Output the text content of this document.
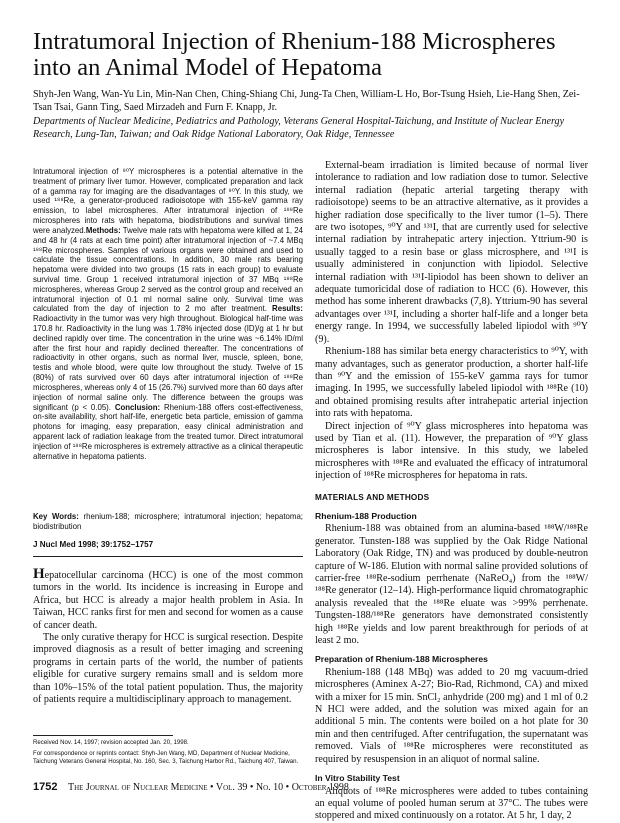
Intratumoral Injection of Rhenium-188 Microspheres into an Animal Model of Hepatoma

Shyh-Jen Wang, Wan-Yu Lin, Min-Nan Chen, Ching-Shiang Chi, Jung-Ta Chen, William-L Ho, Bor-Tsung Hsieh, Lie-Hang Shen, Zei-Tsan Tsai, Gann Ting, Saed Mirzadeh and Furn F. Knapp, Jr.

Departments of Nuclear Medicine, Pediatrics and Pathology, Veterans General Hospital-Taichung, and Institute of Nuclear Energy Research, Lung-Tan, Taiwan; and Oak Ridge National Laboratory, Oak Ridge, Tennessee

Intratumoral injection of ⁹⁰Y microspheres is a potential alternative in the treatment of primary liver tumor. However, complicated preparation and lack of a gamma ray for imaging are the disadvantages of ⁹⁰Y. In this study, we used ¹⁸⁸Re, a generator-produced radioisotope with 155-keV gamma ray emission, to label microspheres. After intratumoral injection of ¹⁸⁸Re microspheres into rats with hepatoma, biodistributions and survival times were analyzed.Methods: Twelve male rats with hepatoma were killed at 1, 24 and 48 hr (4 rats at each time point) after intratumoral injection of ~7.4 MBq ¹⁸⁸Re microspheres. Samples of various organs were obtained and used to calculate the tissue concentrations. In addition, 30 male rats bearing hepatoma were divided into two groups (15 rats in each group) to evaluate survival time. Group 1 received intratumoral injection of 37 MBq ¹⁸⁸Re microspheres, whereas Group 2 served as the control group and received an intratumoral injection of 0.1 ml normal saline only. Survival time was calculated from the day of injection to 2 mo after treatment. Results: Radioactivity in the tumor was very high throughout. Biological half-time was 170.8 hr. Radioactivity in the lung was 1.78% injected dose (ID)/g at 1 hr but declined rapidly over time. The concentration in the urine was ~6.14% ID/ml after the first hour and rapidly declined thereafter. The concentrations of radioactivity in other organs, such as normal liver, muscle, spleen, bone, testis and whole blood, were quite low throughout the study. Twelve of 15 (80%) of rats survived over 60 days after intratumoral injection of ¹⁸⁸Re microspheres, whereas only 4 of 15 (26.7%) survived more than 60 days after injection of normal saline only. The difference between the groups was significant (p < 0.05). Conclusion: Rhenium-188 offers cost-effectiveness, on-site availability, short half-life, energetic beta particle, emission of gamma photons for imaging, easy preparation, easy clinical administration and apparent lack of radiation leakage from the treated tumor. Direct intratumoral injection of ¹⁸⁸Re microspheres is extremely attractive as a clinical therapeutic alternative in hepatoma patients.

Key Words: rhenium-188; microsphere; intratumoral injection; hepatoma; biodistribution

J Nucl Med 1998; 39:1752–1757

Hepatocellular carcinoma (HCC) is one of the most common tumors in the world. Its incidence is increasing in Europe and Africa, but HCC is already a major health problem in Asia. In Taiwan, HCC ranks first for men and second for women as a cause of cancer death.

The only curative therapy for HCC is surgical resection. Despite improved diagnosis as a result of better imaging and screening programs in certain parts of the world, the number of patients eligible for curative surgery remains small and is seldom more than 10%–15% of the total patient population. Thus, the majority of patients require a multidisciplinary approach to management.

Received Nov. 14, 1997; revision accepted Jan. 20, 1998.

For correspondence or reprints contact: Shyh-Jen Wang, MD, Department of Nuclear Medicine, Taichung Veterans General Hospital, No. 160, Sec. 3, Taichung Harbor Rd., Taichung 407, Taiwan.

External-beam irradiation is limited because of normal liver intolerance to radiation and low radiation dose to tumor. Selective internal radiation (hepatic arterial targeting therapy with radioisotope) seems to be an attractive alternative, as it provides a higher radiation dose specifically to the liver tumor (1–5). There are two isotopes, ⁹⁰Y and ¹³¹I, that are currently used for selective internal radiation by intrahepatic artery injection. Yttrium-90 is usually tagged to a resin base or glass microsphere, and ¹³¹I is usually administered in conjunction with lipiodol. Selective internal radiation with ¹³¹I-lipiodol has been shown to deliver an adequate tumoricidal dose of radiation to HCC (6). However, this method has some inherent drawbacks (7,8). Yttrium-90 has several advantages over ¹³¹I, including a shorter half-life and a longer beta energy range. In 1994, we successfully labeled lipiodol with ⁹⁰Y (9).

Rhenium-188 has similar beta energy characteristics to ⁹⁰Y, with many advantages, such as generator production, a shorter half-life than ⁹⁰Y and the emission of 155-keV gamma rays for tumor imaging. In 1995, we successfully labeled lipiodol with ¹⁸⁸Re (10) and obtained promising results after intrahepatic arterial injection into rats with hepatoma.

Direct injection of ⁹⁰Y glass microspheres into hepatoma was used by Tian et al. (11). However, the preparation of ⁹⁰Y glass microspheres is labor intensive. In this study, we labeled microspheres with ¹⁸⁸Re and evaluated the efficacy of intratumoral injection of ¹⁸⁸Re microspheres for hepatoma in rats.

MATERIALS AND METHODS

Rhenium-188 Production

Rhenium-188 was obtained from an alumina-based ¹⁸⁸W/¹⁸⁸Re generator. Tunsten-188 was supplied by the Oak Ridge National Laboratory (Oak Ridge, TN) and was produced by double-neutron capture of W-186. Elution with normal saline provided solutions of carrier-free ¹⁸⁸Re-sodium perrhenate (NaReO₄) from the ¹⁸⁸W/¹⁸⁸Re generator (12–14). High-performance liquid chromatographic analysis revealed that the ¹⁸⁸Re eluate was >99% perrhenate. Tungsten-188/¹⁸⁸Re generators have demonstrated consistently high ¹⁸⁸Re yields and low parent breakthrough for periods of at least 2 mo.

Preparation of Rhenium-188 Microspheres

Rhenium-188 (148 MBq) was added to 20 mg vacuum-dried microspheres (Aminex A-27; Bio-Rad, Richmond, CA) and mixed with a mixer for 15 min. SnCl₂ anhydride (200 mg) and 1 ml of 0.2 N HCl were added, and the solution was mixed again for an additional 5 min. The contents were boiled on a hot plate for 30 min and then centrifuged. After centrifugation, the supernatant was removed. Vials of ¹⁸⁸Re microspheres were reconstituted as required by resuspension in an aliquot of normal saline.

In Vitro Stability Test

Aliquots of ¹⁸⁸Re microspheres were added to tubes containing an equal volume of pooled human serum at 37°C. The tubes were stoppered and mixed continuously on a rotator. At 5 hr, 1 day, 2

1752 The Journal of Nuclear Medicine • Vol. 39 • No. 10 • October 1998
